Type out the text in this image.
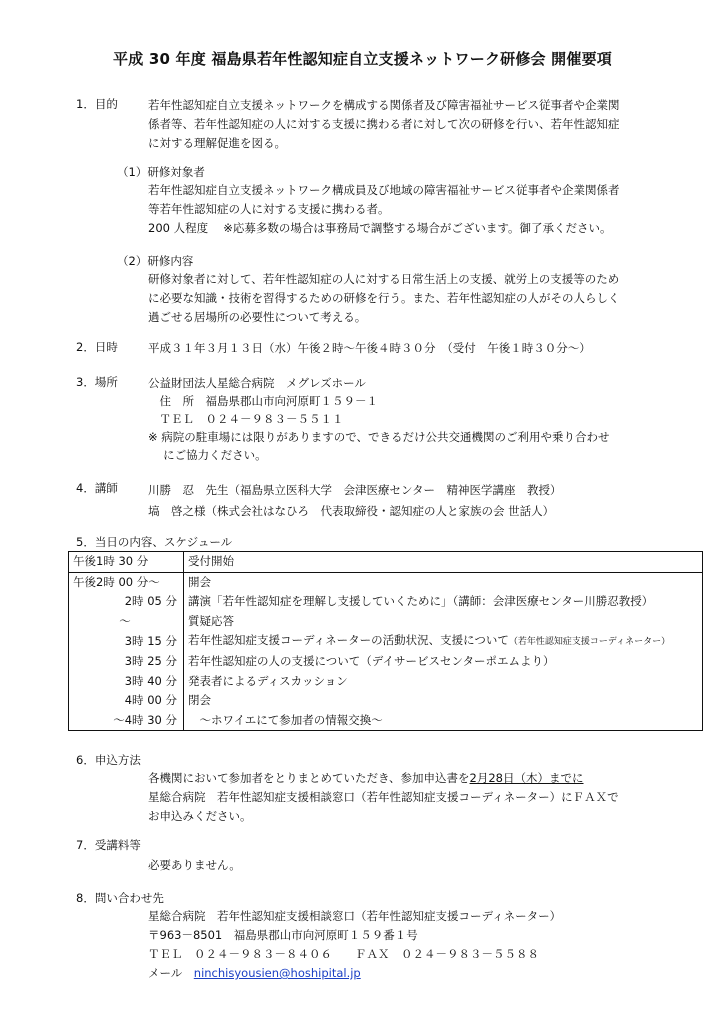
平成 30 年度 福島県若年性認知症自立支援ネットワーク研修会 開催要項
1．目的	若年性認知症自立支援ネットワークを構成する関係者及び障害福祉サービス従事者や企業関
係者等、若年性認知症の人に対する支援に携わる者に対して次の研修を行い、若年性認知症
に対する理解促進を図る。
（1）研修対象者
若年性認知症自立支援ネットワーク構成員及び地域の障害福祉サービス従事者や企業関係者
等若年性認知症の人に対する支援に携わる者。
200 人程度　 ※応募多数の場合は事務局で調整する場合がございます。御了承ください。
（2）研修内容
研修対象者に対して、若年性認知症の人に対する日常生活上の支援、就労上の支援等のため
に必要な知識・技術を習得するための研修を行う。また、若年性認知症の人がその人らしく
過ごせる居場所の必要性について考える。
2．日時	平成３１年３月１３日（水）午後２時～午後４時３０分　（受付　午後１時３０分～）
3．場所	公益財団法人星総合病院　メグレズホール
　住　所　福島県郡山市向河原町１５９－１
　ＴＥＬ　０２４－９８３－５５１１
※ 病院の駐車場には限りがありますので、できるだけ公共交通機関のご利用や乗り合わせ
　 にご協力ください。
4．講師	川勝　忍　先生（福島県立医科大学　会津医療センター　精神医学講座　教授）
塙　啓之様（株式会社はなひろ　代表取締役・認知症の人と家族の会 世話人）
5．当日の内容、スケジュール
午後1時 30 分	受付開始
午後2時 00 分～	開会
2時 05 分	講演「若年性認知症を理解し支援していくために」（講師：会津医療センター川勝忍教授）
～	質疑応答
3時 15 分	若年性認知症支援コーディネーターの活動状況、支援について（若年性認知症支援コーディネーター）
3時 25 分	若年性認知症の人の支援について（デイサービスセンターポエムより）
3時 40 分	発表者によるディスカッション
4時 00 分	閉会
～4時 30 分	　～ホワイエにて参加者の情報交換～
6．申込方法
各機関において参加者をとりまとめていただき、参加申込書を2月28日（木）までに
星総合病院　若年性認知症支援相談窓口（若年性認知症支援コーディネーター）にＦＡＸで
お申込みください。
7．受講料等
必要ありません。
8．問い合わせ先
星総合病院　若年性認知症支援相談窓口（若年性認知症支援コーディネーター）
〒963－8501　福島県郡山市向河原町１５９番１号
ＴＥＬ　０２４－９８３－８４０６　　ＦＡＸ　０２４－９８３－５５８８
メール　ninchisyousien@hoshipital.jp
